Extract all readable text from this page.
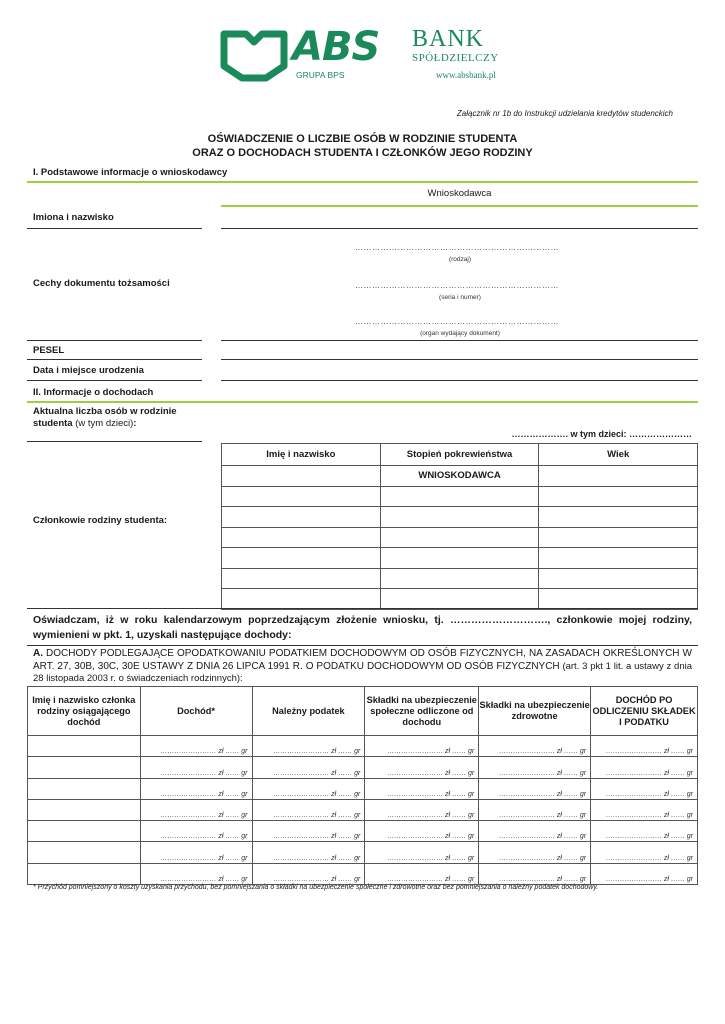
ABS BANK
SPÓŁDZIELCZY
GRUPA BPS	www.absbank.pl
Załącznik nr 1b do Instrukcji udzielania kredytów studenckich
OŚWIADCZENIE O LICZBIE OSÓB W RODZINIE STUDENTA
ORAZ O DOCHODACH STUDENTA I CZŁONKÓW JEGO RODZINY
I. Podstawowe informacje o wnioskodawcy
Wnioskodawca
Imiona i nazwisko
Cechy dokumentu tożsamości
………………………………………………………………
(rodzaj)
………………………………………………………………
(seria i numer)
………………………………………………………………
(organ wydający dokument)
PESEL
Data i miejsce urodzenia
II. Informacje o dochodach
Aktualna liczba osób w rodzinie
studenta (w tym dzieci):
………………. w tym dzieci: …………………
Członkowie rodziny studenta:
Imię i nazwisko	Stopień pokrewieństwa	Wiek
	WNIOSKODAWCA	

Oświadczam, iż w roku kalendarzowym poprzedzającym złożenie wniosku, tj. ………………………., członkowie mojej rodziny, wymienieni w pkt. 1, uzyskali następujące dochody:
A. DOCHODY PODLEGAJĄCE OPODATKOWANIU PODATKIEM DOCHODOWYM OD OSÓB FIZYCZNYCH, NA ZASADACH OKREŚLONYCH W ART. 27, 30B, 30C, 30E USTAWY Z DNIA 26 LIPCA 1991 R. O PODATKU DOCHODOWYM OD OSÓB FIZYCZNYCH (art. 3 pkt 1 lit. a ustawy z dnia 28 listopada 2003 r. o świadczeniach rodzinnych):
Imię i nazwisko członka rodziny osiągającego dochód	Dochód*	Należny podatek	Składki na ubezpieczenie społeczne odliczone od dochodu	Składki na ubezpieczenie zdrowotne	DOCHÓD PO ODLICZENIU SKŁADEK I PODATKU
	…………………… zł …… gr	…………………… zł …… gr	…………………… zł …… gr	…………………… zł …… gr	…………………… zł …… gr
	…………………… zł …… gr	…………………… zł …… gr	…………………… zł …… gr	…………………… zł …… gr	…………………… zł …… gr
	…………………… zł …… gr	…………………… zł …… gr	…………………… zł …… gr	…………………… zł …… gr	…………………… zł …… gr
	…………………… zł …… gr	…………………… zł …… gr	…………………… zł …… gr	…………………… zł …… gr	…………………… zł …… gr
	…………………… zł …… gr	…………………… zł …… gr	…………………… zł …… gr	…………………… zł …… gr	…………………… zł …… gr
	…………………… zł …… gr	…………………… zł …… gr	…………………… zł …… gr	…………………… zł …… gr	…………………… zł …… gr
	…………………… zł …… gr	…………………… zł …… gr	…………………… zł …… gr	…………………… zł …… gr	…………………… zł …… gr
* Przychód pomniejszony o koszty uzyskania przychodu, bez pomniejszania o składki na ubezpieczenie społeczne i zdrowotne oraz bez pomniejszania o należny podatek dochodowy.
